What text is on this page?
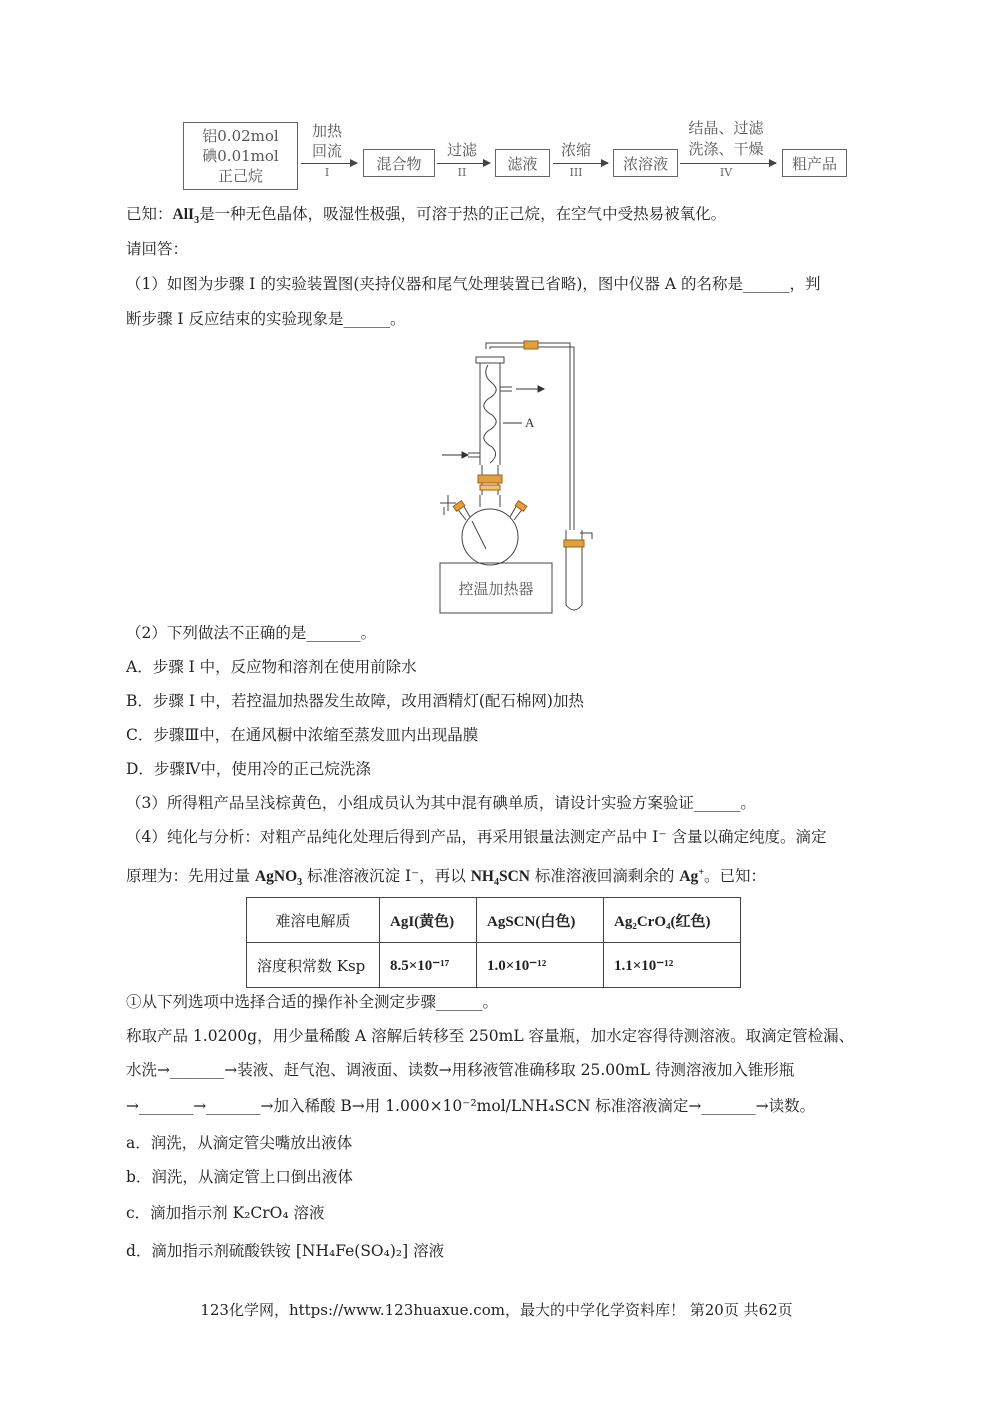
铝0.02mol
碘0.01mol
正己烷
加热
回流
I	混合物
过滤
II	滤液
浓缩
III	浓溶液
结晶、过滤
洗涤、干燥
IV	粗产品
已知：AlI$_3$是一种无色晶体，吸湿性极强，可溶于热的正己烷，在空气中受热易被氧化。
请回答：
（1）如图为步骤 I 的实验装置图(夹持仪器和尾气处理装置已省略)，图中仪器 A 的名称是______，判
断步骤 I 反应结束的实验现象是______。
A
控温加热器
（2）下列做法不正确的是_______。
A．步骤 I 中，反应物和溶剂在使用前除水
B．步骤 I 中，若控温加热器发生故障，改用酒精灯(配石棉网)加热
C．步骤Ⅲ中，在通风橱中浓缩至蒸发皿内出现晶膜
D．步骤Ⅳ中，使用冷的正己烷洗涤
（3）所得粗产品呈浅棕黄色，小组成员认为其中混有碘单质，请设计实验方案验证______。
（4）纯化与分析：对粗产品纯化处理后得到产品，再采用银量法测定产品中 I⁻ 含量以确定纯度。滴定
原理为：先用过量 AgNO$_3$ 标准溶液沉淀 I⁻，再以 $NH_4SCN$ 标准溶液回滴剩余的 Ag+。已知：
难溶电解质	AgI(黄色)	AgSCN(白色)	Ag₂CrO₄(红色)
溶度积常数 Ksp	8.5×10⁻¹⁷	1.0×10⁻¹²	1.1×10⁻¹²
①从下列选项中选择合适的操作补全测定步骤______。
称取产品 1.0200g，用少量稀酸 A 溶解后转移至 250mL 容量瓶，加水定容得待测溶液。取滴定管检漏、
水洗→_______→装液、赶气泡、调液面、读数→用移液管准确移取 25.00mL 待测溶液加入锥形瓶
→_______→_______→加入稀酸 B→用 1.000×10⁻²mol/LNH₄SCN 标准溶液滴定→_______→读数。
a．润洗，从滴定管尖嘴放出液体
b．润洗，从滴定管上口倒出液体
c．滴加指示剂 K₂CrO₄ 溶液
d．滴加指示剂硫酸铁铵 [NH₄Fe(SO₄)₂] 溶液
123化学网，https://www.123huaxue.com，最大的中学化学资料库！ 第20页 共62页
